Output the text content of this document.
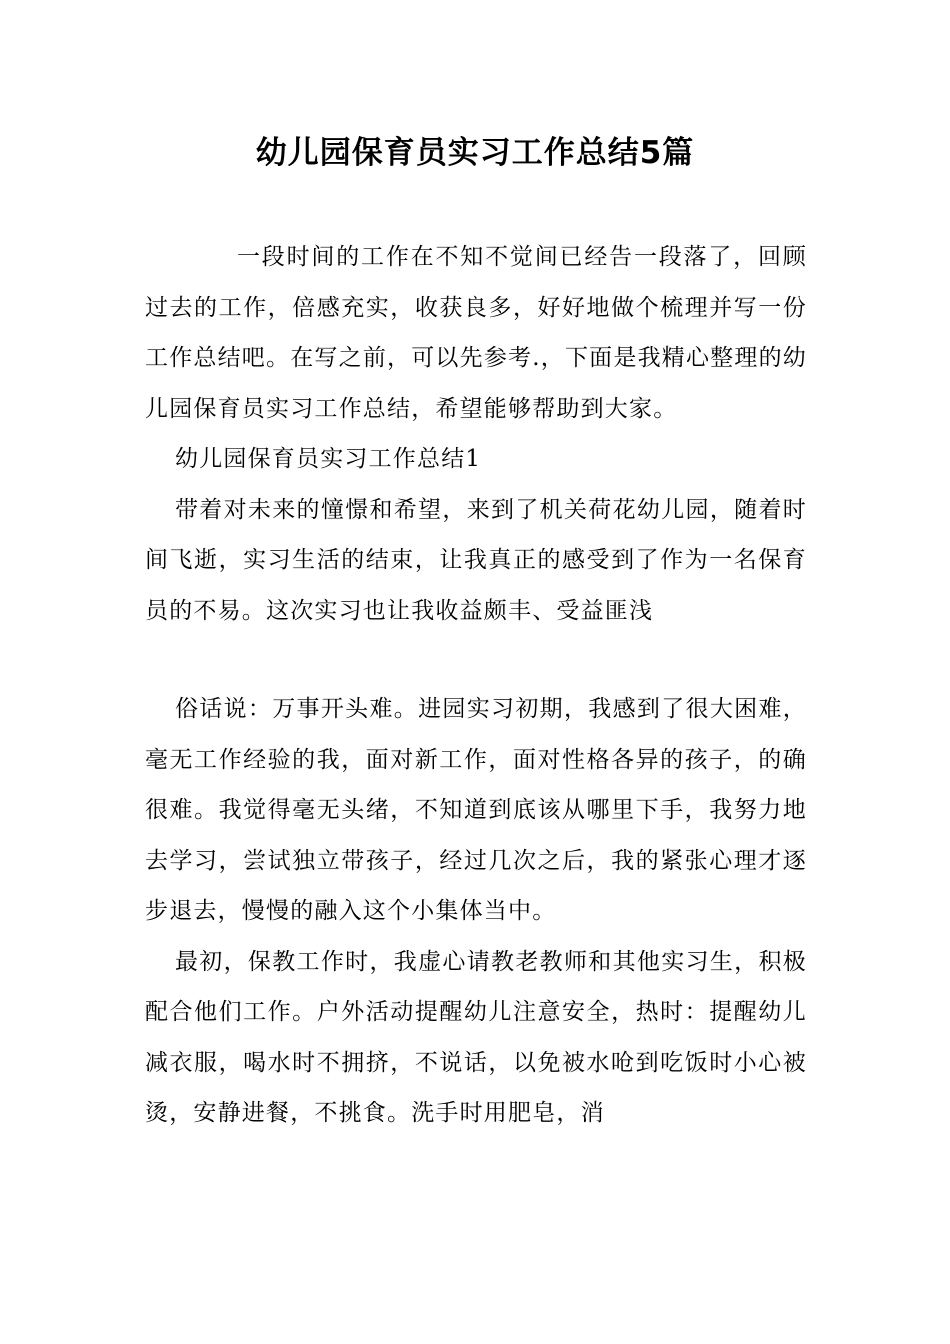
幼儿园保育员实习工作总结5篇

一段时间的工作在不知不觉间已经告一段落了，回顾过去的工作，倍感充实，收获良多，好好地做个梳理并写一份工作总结吧。在写之前，可以先参考.，下面是我精心整理的幼儿园保育员实习工作总结，希望能够帮助到大家。

幼儿园保育员实习工作总结1

带着对未来的憧憬和希望，来到了机关荷花幼儿园，随着时间飞逝，实习生活的结束，让我真正的感受到了作为一名保育员的不易。这次实习也让我收益颇丰、受益匪浅

俗话说：万事开头难。进园实习初期，我感到了很大困难，毫无工作经验的我，面对新工作，面对性格各异的孩子，的确很难。我觉得毫无头绪，不知道到底该从哪里下手，我努力地去学习，尝试独立带孩子，经过几次之后，我的紧张心理才逐步退去，慢慢的融入这个小集体当中。

最初，保教工作时，我虚心请教老教师和其他实习生，积极配合他们工作。户外活动提醒幼儿注意安全，热时：提醒幼儿减衣服，喝水时不拥挤，不说话，以免被水呛到吃饭时小心被烫，安静进餐，不挑食。洗手时用肥皂，消
